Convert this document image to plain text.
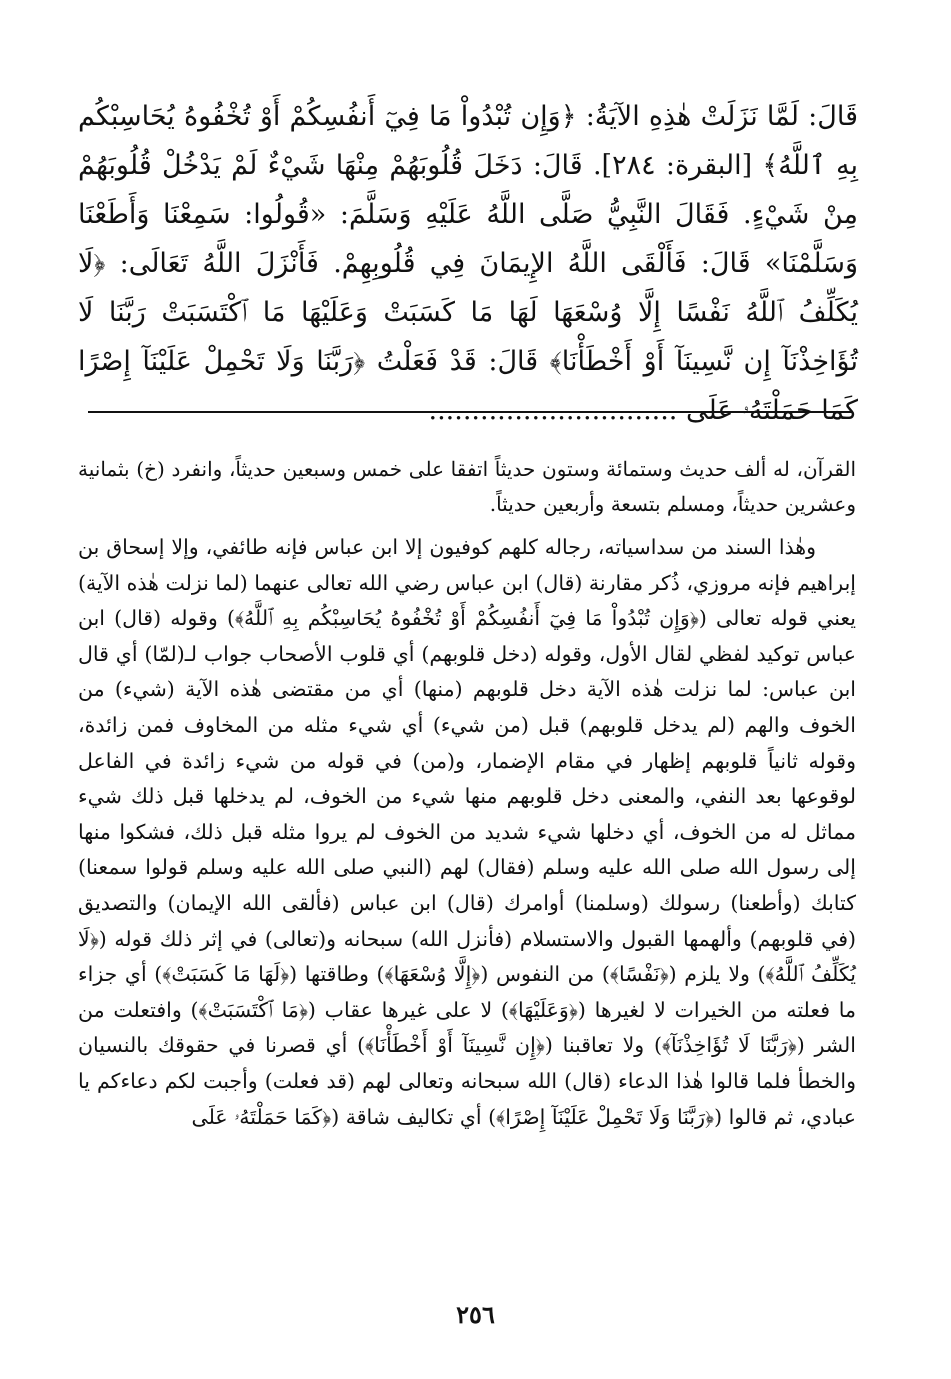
قَالَ: لَمَّا نَزَلَتْ هٰذِهِ الآيَةُ: ﴿وَإِن تُبْدُواْ مَا فِيٓ أَنفُسِكُمْ أَوْ تُخْفُوهُ يُحَاسِبْكُم بِهِ ٱللَّهُ﴾ [البقرة: ٢٨٤]. قَالَ: دَخَلَ قُلُوبَهُمْ مِنْهَا شَيْءٌ لَمْ يَدْخُلْ قُلُوبَهُمْ مِنْ شَيْءٍ. فَقَالَ النَّبِيُّ صَلَّى اللَّهُ عَلَيْهِ وَسَلَّمَ: «قُولُوا: سَمِعْنَا وَأَطَعْنَا وَسَلَّمْنَا» قَالَ: فَأَلْقَى اللَّهُ الإِيمَانَ فِي قُلُوبِهِمْ. فَأَنْزَلَ اللَّهُ تَعَالَى: ﴿لَا يُكَلِّفُ ٱللَّهُ نَفْسًا إِلَّا وُسْعَهَا لَهَا مَا كَسَبَتْ وَعَلَيْهَا مَا ٱكْتَسَبَتْ رَبَّنَا لَا تُؤَاخِذْنَآ إِن نَّسِينَآ أَوْ أَخْطَأْنَا﴾ قَالَ: قَدْ فَعَلْتُ ﴿رَبَّنَا وَلَا تَحْمِلْ عَلَيْنَآ إِصْرًا كَمَا حَمَلْتَهُۥ عَلَى .............................

القرآن، له ألف حديث وستمائة وستون حديثاً اتفقا على خمس وسبعين حديثاً، وانفرد (خ) بثمانية وعشرين حديثاً، ومسلم بتسعة وأربعين حديثاً.

وهٰذا السند من سداسياته، رجاله كلهم كوفيون إلا ابن عباس فإنه طائفي، وإلا إسحاق بن إبراهيم فإنه مروزي، ذُكر مقارنة (قال) ابن عباس رضي الله تعالى عنهما (لما نزلت هٰذه الآية) يعني قوله تعالى (﴿وَإِن تُبْدُواْ مَا فِيٓ أَنفُسِكُمْ أَوْ تُخْفُوهُ يُحَاسِبْكُم بِهِ ٱللَّهُ﴾) وقوله (قال) ابن عباس توكيد لفظي لقال الأول، وقوله (دخل قلوبهم) أي قلوب الأصحاب جواب لـ(لمّا) أي قال ابن عباس: لما نزلت هٰذه الآية دخل قلوبهم (منها) أي من مقتضى هٰذه الآية (شيء) من الخوف والهم (لم يدخل قلوبهم) قبل (من شيء) أي شيء مثله من المخاوف فمن زائدة، وقوله ثانياً قلوبهم إظهار في مقام الإضمار، و(من) في قوله من شيء زائدة في الفاعل لوقوعها بعد النفي، والمعنى دخل قلوبهم منها شيء من الخوف، لم يدخلها قبل ذلك شيء مماثل له من الخوف، أي دخلها شيء شديد من الخوف لم يروا مثله قبل ذلك، فشكوا منها إلى رسول الله صلى الله عليه وسلم (فقال) لهم (النبي صلى الله عليه وسلم قولوا سمعنا) كتابك (وأطعنا) رسولك (وسلمنا) أوامرك (قال) ابن عباس (فألقى الله الإيمان) والتصديق (في قلوبهم) وألهمها القبول والاستسلام (فأنزل الله) سبحانه و(تعالى) في إثر ذلك قوله (﴿لَا يُكَلِّفُ ٱللَّهُ﴾) ولا يلزم (﴿نَفْسًا﴾) من النفوس (﴿إِلَّا وُسْعَهَا﴾) وطاقتها (﴿لَهَا مَا كَسَبَتْ﴾) أي جزاء ما فعلته من الخيرات لا لغيرها (﴿وَعَلَيْهَا﴾) لا على غيرها عقاب (﴿مَا ٱكْتَسَبَتْ﴾) وافتعلت من الشر (﴿رَبَّنَا لَا تُؤَاخِذْنَآ﴾) ولا تعاقبنا (﴿إِن نَّسِينَآ أَوْ أَخْطَأْنَا﴾) أي قصرنا في حقوقك بالنسيان والخطأ فلما قالوا هٰذا الدعاء (قال) الله سبحانه وتعالى لهم (قد فعلت) وأجبت لكم دعاءكم يا عبادي، ثم قالوا (﴿رَبَّنَا وَلَا تَحْمِلْ عَلَيْنَآ إِصْرًا﴾) أي تكاليف شاقة (﴿كَمَا حَمَلْتَهُۥ عَلَى

٢٥٦
